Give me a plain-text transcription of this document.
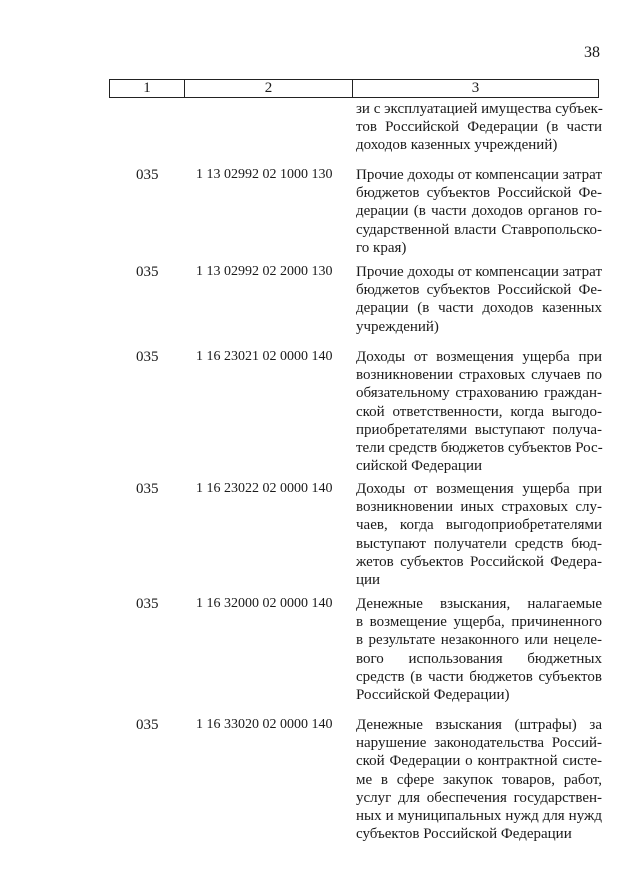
38
1	2	3
зи с эксплуатацией имущества субъек-
тов Российской Федерации (в части
доходов казенных учреждений)
035	1 13 02992 02 1000 130 Прочие доходы от компенсации затрат
бюджетов субъектов Российской Фе-
дерации (в части доходов органов го-
сударственной власти Ставропольско-
го края)
035	1 13 02992 02 2000 130 Прочие доходы от компенсации затрат
бюджетов субъектов Российской Фе-
дерации (в части доходов казенных
учреждений)
035	1 16 23021 02 0000 140 Доходы от возмещения ущерба при
возникновении страховых случаев по
обязательному страхованию граждан-
ской ответственности, когда выгодо-
приобретателями выступают получа-
тели средств бюджетов субъектов Рос-
сийской Федерации
035	1 16 23022 02 0000 140 Доходы от возмещения ущерба при
возникновении иных страховых слу-
чаев, когда выгодоприобретателями
выступают получатели средств бюд-
жетов субъектов Российской Федера-
ции
035	1 16 32000 02 0000 140 Денежные взыскания, налагаемые
в возмещение ущерба, причиненного
в результате незаконного или нецеле-
вого использования бюджетных
средств (в части бюджетов субъектов
Российской Федерации)
035	1 16 33020 02 0000 140 Денежные взыскания (штрафы) за
нарушение законодательства Россий-
ской Федерации о контрактной систе-
ме в сфере закупок товаров, работ,
услуг для обеспечения государствен-
ных и муниципальных нужд для нужд
субъектов Российской Федерации
